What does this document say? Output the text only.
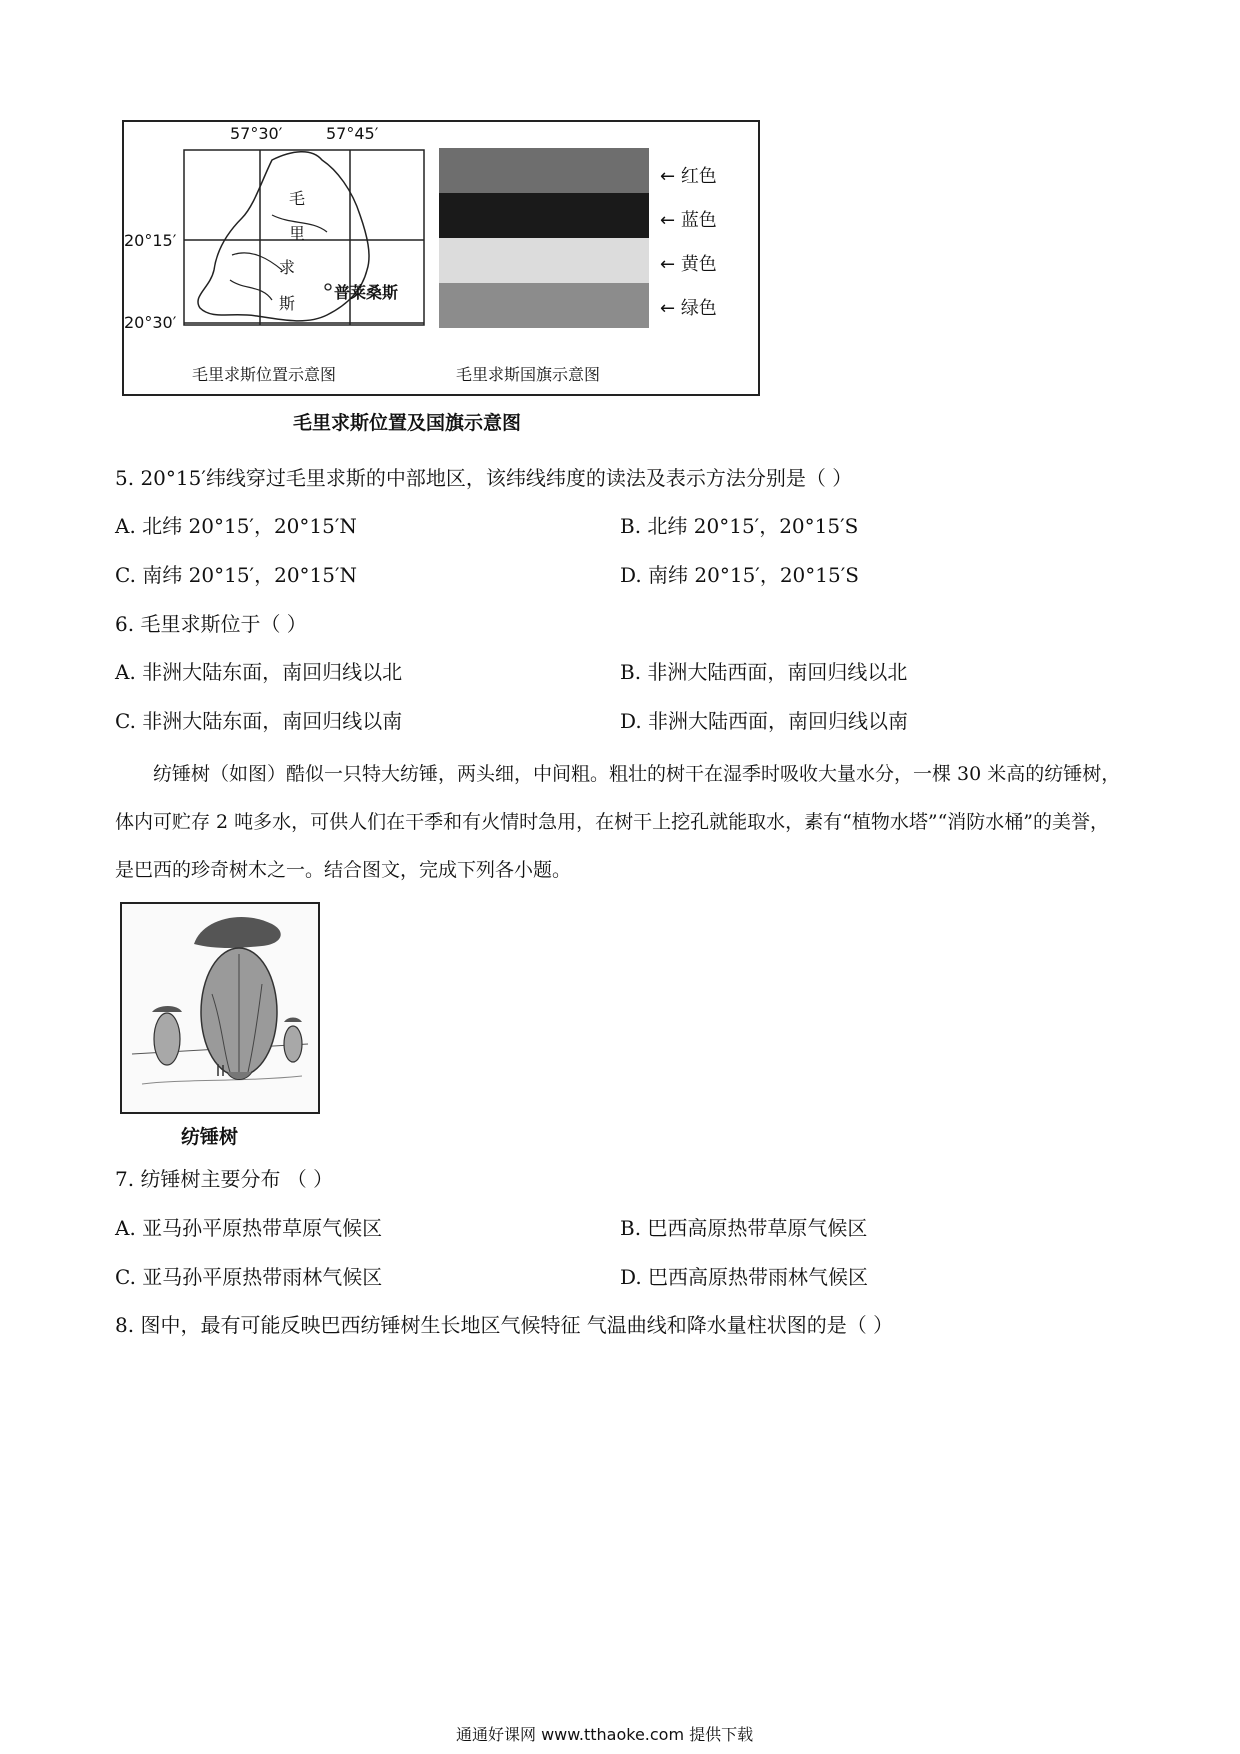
57°30′	57°45′
20°15′
20°30′
毛
里
求
斯
普莱桑斯
毛里求斯位置示意图
← 红色
← 蓝色
← 黄色
← 绿色
毛里求斯国旗示意图
毛里求斯位置及国旗示意图
5. 20°15′纬线穿过毛里求斯的中部地区，该纬线纬度的读法及表示方法分别是（ ）
A. 北纬 20°15′，20°15′N	B. 北纬 20°15′，20°15′S
C. 南纬 20°15′，20°15′N	D. 南纬 20°15′，20°15′S
6. 毛里求斯位于（ ）
A. 非洲大陆东面，南回归线以北	B. 非洲大陆西面，南回归线以北
C. 非洲大陆东面，南回归线以南	D. 非洲大陆西面，南回归线以南
纺锤树（如图）酷似一只特大纺锤，两头细，中间粗。粗壮的树干在湿季时吸收大量水分，一棵 30 米高的纺锤树，体内可贮存 2 吨多水，可供人们在干季和有火情时急用，在树干上挖孔就能取水，素有“植物水塔”“消防水桶”的美誉，是巴西的珍奇树木之一。结合图文，完成下列各小题。
纺锤树
7. 纺锤树主要分布 （ ）
A. 亚马孙平原热带草原气候区	B. 巴西高原热带草原气候区
C. 亚马孙平原热带雨林气候区	D. 巴西高原热带雨林气候区
8. 图中，最有可能反映巴西纺锤树生长地区气候特征 气温曲线和降水量柱状图的是（ ）
通通好课网 www.tthaoke.com 提供下载
